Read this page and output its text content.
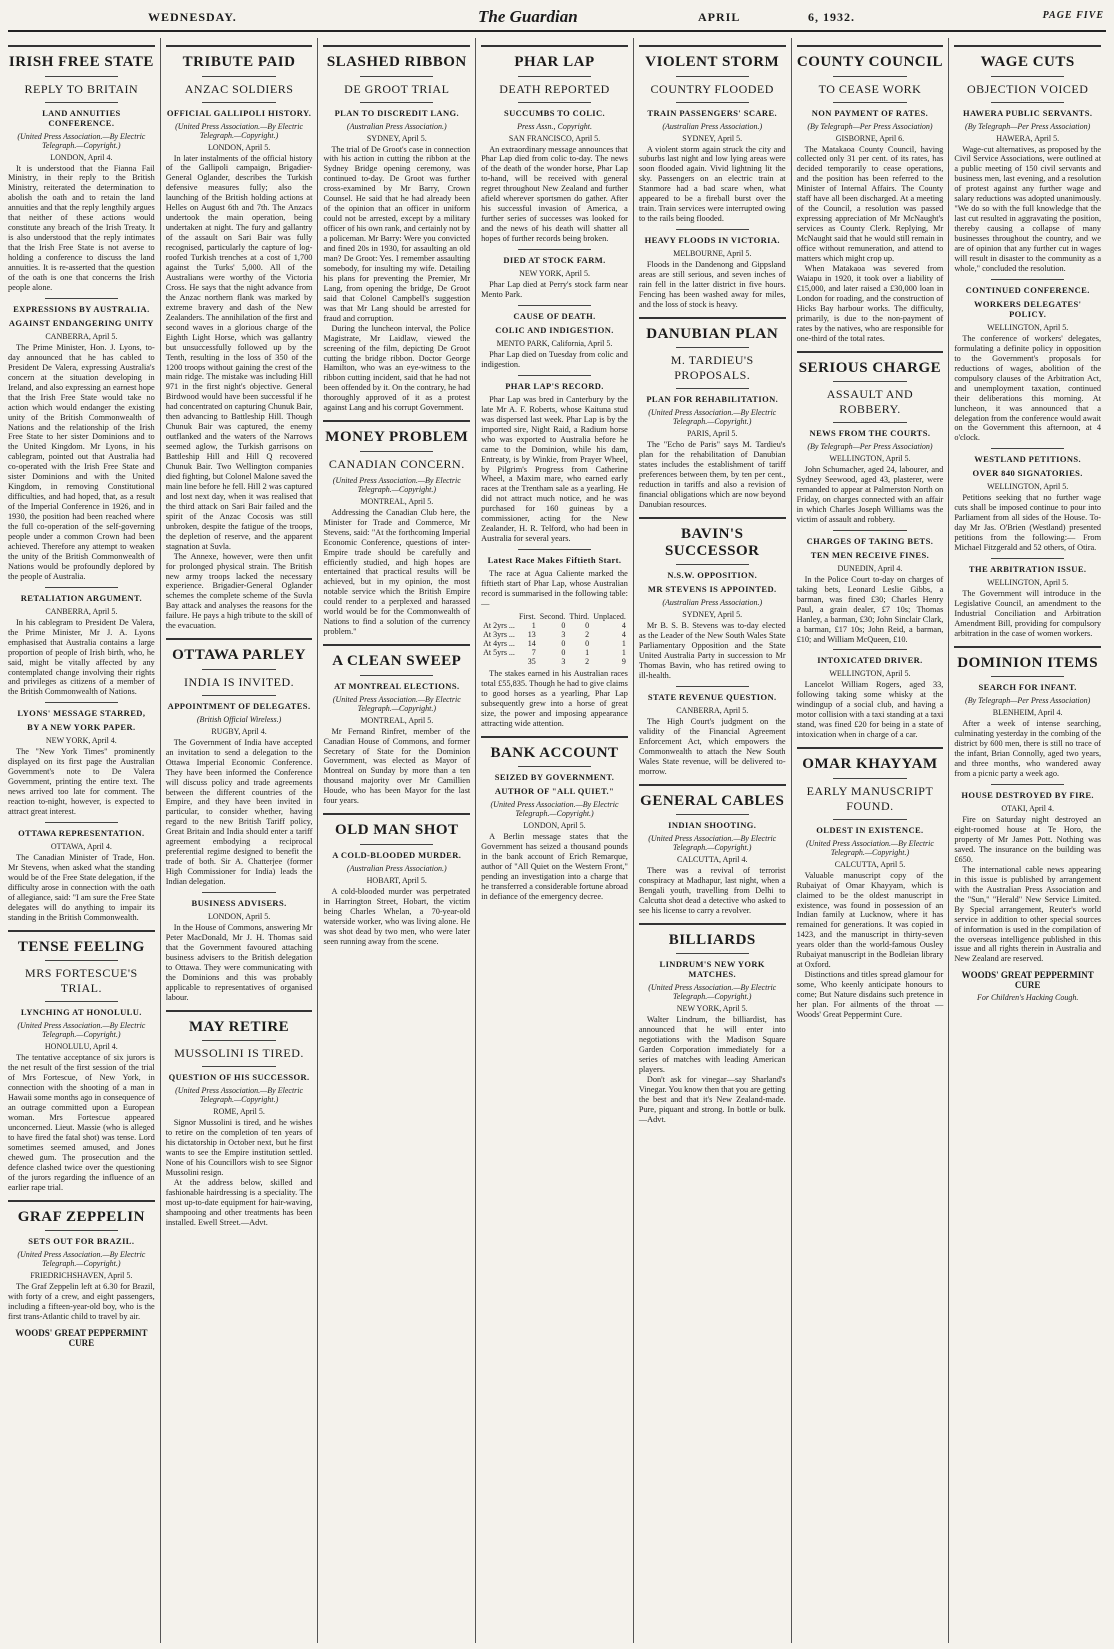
WEDNESDAY.	The Guardian	APRIL	6, 1932.	PAGE FIVE
IRISH FREE STATE
REPLY TO BRITAIN
LAND ANNUITIES CONFERENCE.
(United Press Association.—By Electric Telegraph.—Copyright.)
LONDON, April 4.

It is understood that the Fianna Fail Ministry, in their reply to the British Ministry, reiterated the determination to abolish the oath and to retain the land annuities and that the reply lengthily argues that neither of these actions would constitute any breach of the Irish Treaty. It is also understood that the reply intimates that the Irish Free State is not averse to holding a conference to discuss the land annuities. It is re-asserted that the question of the oath is one that concerns the Irish people alone.

EXPRESSIONS BY AUSTRALIA.
AGAINST ENDANGERING UNITY
CANBERRA, April 5.

The Prime Minister, Hon. J. Lyons, to-day announced that he has cabled to President De Valera, expressing Australia's concern at the situation developing in Ireland, and also expressing an earnest hope that the Irish Free State would take no action which would endanger the existing unity of the British Commonwealth of Nations and the relationship of the Irish Free State to her sister Dominions and to the United Kingdom. Mr Lyons, in his cablegram, pointed out that Australia had co-operated with the Irish Free State and sister Dominions and with the United Kingdom, in removing Constitutional difficulties, and had hoped, that, as a result of the Imperial Conference in 1926, and in 1930, the position had been reached where the full co-operation of the self-governing people under a common Crown had been achieved. Therefore any attempt to weaken the unity of the British Commonwealth of Nations would be profoundly deplored by the people of Australia.

RETALIATION ARGUMENT.
CANBERRA, April 5.

In his cablegram to President De Valera, the Prime Minister, Mr J. A. Lyons emphasised that Australia contains a large proportion of people of Irish birth, who, he said, might be vitally affected by any contemplated change involving their rights and privileges as citizens of a member of the British Commonwealth of Nations.

LYONS' MESSAGE STARRED,
BY A NEW YORK PAPER.
NEW YORK, April 4.

The "New York Times" prominently displayed on its first page the Australian Government's note to De Valera Government, printing the entire text. The news arrived too late for comment. The reaction to-night, however, is expected to attract great interest.

OTTAWA REPRESENTATION.
OTTAWA, April 4.

The Canadian Minister of Trade, Hon. Mr Stevens, when asked what the standing would be of the Free State delegation, if the difficulty arose in connection with the oath of allegiance, said: "I am sure the Free State delegates will do anything to impair its standing in the British Commonwealth.

TENSE FEELING
MRS FORTESCUE'S TRIAL.
LYNCHING AT HONOLULU.
(United Press Association.—By Electric Telegraph.—Copyright.)
HONOLULU, April 4.

The tentative acceptance of six jurors is the net result of the first session of the trial of Mrs Fortescue, of New York, in connection with the shooting of a man in Hawaii some months ago in consequence of an outrage committed upon a European woman. Mrs Fortescue appeared unconcerned. Lieut. Massie (who is alleged to have fired the fatal shot) was tense. Lord sometimes seemed amused, and Jones chewed gum. The prosecution and the defence clashed twice over the questioning of the jurors regarding the influence of an earlier rape trial.

GRAF ZEPPELIN
SETS OUT FOR BRAZIL.
(United Press Association.—By Electric Telegraph.—Copyright.)
FRIEDRICHSHAVEN, April 5.

The Graf Zeppelin left at 6.30 for Brazil, with forty of a crew, and eight passengers, including a fifteen-year-old boy, who is the first trans-Atlantic child to travel by air.

WOODS' GREAT PEPPERMINT CURE
TRIBUTE PAID
ANZAC SOLDIERS
OFFICIAL GALLIPOLI HISTORY.
(United Press Association.—By Electric Telegraph.—Copyright.)
LONDON, April 5.

In later instalments of the official history of the Gallipoli campaign, Brigadier-General Oglander, describes the Turkish defensive measures fully; also the launching of the British holding actions at Helles on August 6th and 7th. The Anzacs undertook the main operation, being undertaken at night. The fury and gallantry of the assault on Sari Bair was fully recognised, particularly the capture of log-roofed Turkish trenches at a cost of 1,700 against the Turks' 5,000. All of the Australians were worthy of the Victoria Cross. He says that the night advance from the Anzac northern flank was marked by extreme bravery and dash of the New Zealanders. The annihilation of the first and second waves in a glorious charge of the Eighth Light Horse, which was gallantry but unsuccessfully followed up by the Tenth, resulting in the loss of 350 of the 1200 troops without gaining the crest of the main ridge. The mistake was including Hill 971 in the first night's objective. General Birdwood would have been successful if he had concentrated on capturing Chunuk Bair, then advancing to Battleship Hill. Though Chunuk Bair was captured, the enemy outflanked and the waters of the Narrows seemed aglow, the Turkish garrisons on Battleship Hill and Hill Q recovered Chunuk Bair. Two Wellington companies died fighting, but Colonel Malone saved the main line before he fell. Hill 2 was captured and lost next day, when it was realised that the third attack on Sari Bair failed and the spirit of the Anzac Cocosis was still unbroken, despite the fatigue of the troops, the depletion of reserve, and the apparent stagnation at Suvla.

The Annexe, however, were then unfit for prolonged physical strain. The British new army troops lacked the necessary experience. Brigadier-General Oglander schemes the complete scheme of the Suvla Bay attack and analyses the reasons for the failure. He pays a high tribute to the skill of the evacuation.

OTTAWA PARLEY
INDIA IS INVITED.
APPOINTMENT OF DELEGATES.
(British Official Wireless.)
RUGBY, April 4.

The Government of India have accepted an invitation to send a delegation to the Ottawa Imperial Economic Conference. They have been informed the Conference will discuss policy and trade agreements between the different countries of the Empire, and they have been invited in particular, to consider whether, having regard to the new British Tariff policy, Great Britain and India should enter a tariff agreement embodying a reciprocal preferential regime designed to benefit the trade of both. Sir A. Chatterjee (former High Commissioner for India) leads the Indian delegation.

BUSINESS ADVISERS.
LONDON, April 5.

In the House of Commons, answering Mr Peter MacDonald, Mr J. H. Thomas said that the Government favoured attaching business advisers to the British delegation to Ottawa. They were communicating with the Dominions and this was probably applicable to representatives of organised labour.

MAY RETIRE
MUSSOLINI IS TIRED.
QUESTION OF HIS SUCCESSOR.
(United Press Association.—By Electric Telegraph.—Copyright.)
ROME, April 5.

Signor Mussolini is tired, and he wishes to retire on the completion of ten years of his dictatorship in October next, but he first wants to see the Empire institution settled. None of his Councillors wish to see Signor Mussolini resign.

At the address below, skilled and fashionable hairdressing is a speciality. The most up-to-date equipment for hair-waving, shampooing and other treatments has been installed. Ewell Street.—Advt.

SLASHED RIBBON
DE GROOT TRIAL
PLAN TO DISCREDIT LANG.
(Australian Press Association.)
SYDNEY, April 5.

The trial of De Groot's case in connection with his action in cutting the ribbon at the Sydney Bridge opening ceremony, was continued to-day. De Groot was further cross-examined by Mr Barry, Crown Counsel. He said that he had already been of the opinion that an officer in uniform could not be arrested, except by a military officer of his own rank, and certainly not by a policeman. Mr Barry: Were you convicted and fined 20s in 1930, for assaulting an old man? De Groot: Yes. I remember assaulting somebody, for insulting my wife. Detailing his plans for preventing the Premier, Mr Lang, from opening the bridge, De Groot said that Colonel Campbell's suggestion was that Mr Lang should be arrested for fraud and corruption.

During the luncheon interval, the Police Magistrate, Mr Laidlaw, viewed the screening of the film, depicting De Groot cutting the bridge ribbon. Doctor George Hamilton, who was an eye-witness to the ribbon cutting incident, said that he had not been offended by it. On the contrary, he had thoroughly approved of it as a protest against Lang and his corrupt Government.

MONEY PROBLEM
CANADIAN CONCERN.
(United Press Association.—By Electric Telegraph.—Copyright.)
MONTREAL, April 5.

Addressing the Canadian Club here, the Minister for Trade and Commerce, Mr Stevens, said: "At the forthcoming Imperial Economic Conference, questions of inter-Empire trade should be carefully and efficiently studied, and high hopes are entertained that practical results will be achieved, but in my opinion, the most notable service which the British Empire could render to a perplexed and harassed world would be for the Commonwealth of Nations to find a solution of the currency problem."

A CLEAN SWEEP
AT MONTREAL ELECTIONS.
(United Press Association.—By Electric Telegraph.—Copyright.)
MONTREAL, April 5.

Mr Fernand Rinfret, member of the Canadian House of Commons, and former Secretary of State for the Dominion Government, was elected as Mayor of Montreal on Sunday by more than a ten thousand majority over Mr Camillien Houde, who has been Mayor for the last four years.

OLD MAN SHOT
A COLD-BLOODED MURDER.
(Australian Press Association.)
HOBART, April 5.

A cold-blooded murder was perpetrated in Harrington Street, Hobart, the victim being Charles Whelan, a 70-year-old waterside worker, who was living alone. He was shot dead by two men, who were later seen running away from the scene.

PHAR LAP
DEATH REPORTED
SUCCUMBS TO COLIC.
Press Assn., Copyright.
SAN FRANCISCO, April 5.

An extraordinary message announces that Phar Lap died from colic to-day. The news of the death of the wonder horse, Phar Lap to-hand, will be received with general regret throughout New Zealand and further afield wherever sportsmen do gather. After his successful invasion of America, a further series of successes was looked for and the news of his death will shatter all hopes of further records being broken.

DIED AT STOCK FARM.
NEW YORK, April 5.

Phar Lap died at Perry's stock farm near Mento Park.

CAUSE OF DEATH.
COLIC AND INDIGESTION.
MENTO PARK, California, April 5.

Phar Lap died on Tuesday from colic and indigestion.

PHAR LAP'S RECORD.

Phar Lap was bred in Canterbury by the late Mr A. F. Roberts, whose Kaituna stud was dispersed last week. Phar Lap is by the imported sire, Night Raid, a Radium horse who was exported to Australia before he came to the Dominion, while his dam, Entreaty, is by Winkie, from Prayer Wheel, by Pilgrim's Progress from Catherine Wheel, a Maxim mare, who earned early races at the Trentham sale as a yearling. He did not attract much notice, and he was purchased for 160 guineas by a commissioner, acting for the New Zealander, H. R. Telford, who had been in Australia for several years.

Latest Race Makes Fiftieth Start.

The race at Agua Caliente marked the fiftieth start of Phar Lap, whose Australian record is summarised in the following table:—

	First.	Second.	Third.	Unplaced.
At 2yrs ...	1	0	0	4
At 3yrs ...	13	3	2	4
At 4yrs ...	14	0	0	1
At 5yrs ...	7	0	1	1
	35	3	2	9

The stakes earned in his Australian races total £55,835. Though he had to give claims to good horses as a yearling, Phar Lap subsequently grew into a horse of great size, the power and imposing appearance attracting wide attention.

BANK ACCOUNT
SEIZED BY GOVERNMENT.
AUTHOR OF "ALL QUIET."
(United Press Association.—By Electric Telegraph.—Copyright.)
LONDON, April 5.

A Berlin message states that the Government has seized a thousand pounds in the bank account of Erich Remarque, author of "All Quiet on the Western Front," pending an investigation into a charge that he transferred a considerable fortune abroad in defiance of the emergency decree.

VIOLENT STORM
COUNTRY FLOODED
TRAIN PASSENGERS' SCARE.
(Australian Press Association.)
SYDNEY, April 5.

A violent storm again struck the city and suburbs last night and low lying areas were soon flooded again. Vivid lightning lit the sky. Passengers on an electric train at Stanmore had a bad scare when, what appeared to be a fireball burst over the train. Train services were interrupted owing to the rails being flooded.

HEAVY FLOODS IN VICTORIA.
MELBOURNE, April 5.

Floods in the Dandenong and Gippsland areas are still serious, and seven inches of rain fell in the latter district in five hours. Fencing has been washed away for miles, and the loss of stock is heavy.

DANUBIAN PLAN
M. TARDIEU'S PROPOSALS.
PLAN FOR REHABILITATION.
(United Press Association.—By Electric Telegraph.—Copyright.)
PARIS, April 5.

The "Echo de Paris" says M. Tardieu's plan for the rehabilitation of Danubian states includes the establishment of tariff preferences between them, by ten per cent., reduction in tariffs and also a revision of financial obligations which are now beyond Danubian resources.

BAVIN'S SUCCESSOR
N.S.W. OPPOSITION.
MR STEVENS IS APPOINTED.
(Australian Press Association.)
SYDNEY, April 5.

Mr B. S. B. Stevens was to-day elected as the Leader of the New South Wales State Parliamentary Opposition and the State United Australia Party in succession to Mr Thomas Bavin, who has retired owing to ill-health.

STATE REVENUE QUESTION.
CANBERRA, April 5.

The High Court's judgment on the validity of the Financial Agreement Enforcement Act, which empowers the Commonwealth to attach the New South Wales State revenue, will be delivered to-morrow.

GENERAL CABLES
INDIAN SHOOTING.
(United Press Association.—By Electric Telegraph.—Copyright.)
CALCUTTA, April 4.

There was a revival of terrorist conspiracy at Madhapur, last night, when a Bengali youth, travelling from Delhi to Calcutta shot dead a detective who asked to see his license to carry a revolver.

BILLIARDS
LINDRUM'S NEW YORK MATCHES.
(United Press Association.—By Electric Telegraph.—Copyright.)
NEW YORK, April 5.

Walter Lindrum, the billiardist, has announced that he will enter into negotiations with the Madison Square Garden Corporation immediately for a series of matches with leading American players.

Don't ask for vinegar—say Sharland's Vinegar. You know then that you are getting the best and that it's New Zealand-made. Pure, piquant and strong. In bottle or bulk.—Advt.

COUNTY COUNCIL
TO CEASE WORK
NON PAYMENT OF RATES.
(By Telegraph—Per Press Association)
GISBORNE, April 6.

The Matakaoa County Council, having collected only 31 per cent. of its rates, has decided temporarily to cease operations, and the position has been referred to the Minister of Internal Affairs. The County staff have all been discharged. At a meeting of the Council, a resolution was passed expressing appreciation of Mr McNaught's services as County Clerk. Replying, Mr McNaught said that he would still remain in office without remuneration, and attend to matters which might crop up.

When Matakaoa was severed from Waiapu in 1920, it took over a liability of £15,000, and later raised a £30,000 loan in London for roading, and the construction of Hicks Bay harbour works. The difficulty, primarily, is due to the non-payment of rates by the natives, who are responsible for one-third of the total rates.

SERIOUS CHARGE
ASSAULT AND ROBBERY.
NEWS FROM THE COURTS.
(By Telegraph—Per Press Association)
WELLINGTON, April 5.

John Schumacher, aged 24, labourer, and Sydney Seewood, aged 43, plasterer, were remanded to appear at Palmerston North on Friday, on charges connected with an affair in which Charles Joseph Williams was the victim of assault and robbery.

CHARGES OF TAKING BETS.
TEN MEN RECEIVE FINES.
DUNEDIN, April 4.

In the Police Court to-day on charges of taking bets, Leonard Leslie Gibbs, a barman, was fined £30; Charles Henry Paul, a grain dealer, £7 10s; Thomas Hanley, a barman, £30; John Sinclair Clark, a barman, £17 10s; John Reid, a barman, £10; and William McQueen, £10.

INTOXICATED DRIVER.
WELLINGTON, April 5.

Lancelot William Rogers, aged 33, following taking some whisky at the windingup of a social club, and having a motor collision with a taxi standing at a taxi stand, was fined £20 for being in a state of intoxication when in charge of a car.

OMAR KHAYYAM
EARLY MANUSCRIPT FOUND.
OLDEST IN EXISTENCE.
(United Press Association.—By Electric Telegraph.—Copyright.)
CALCUTTA, April 5.

Valuable manuscript copy of the Rubaiyat of Omar Khayyam, which is claimed to be the oldest manuscript in existence, was found in possession of an Indian family at Lucknow, where it has remained for generations. It was copied in 1423, and the manuscript in thirty-seven years older than the world-famous Ousley Rubaiyat manuscript in the Bodleian library at Oxford.

Distinctions and titles spread glamour for some, Who keenly anticipate honours to come; But Nature disdains such pretence in her plan. For ailments of the throat — Woods' Great Peppermint Cure.

WAGE CUTS
OBJECTION VOICED
HAWERA PUBLIC SERVANTS.
(By Telegraph—Per Press Association)
HAWERA, April 5.

Wage-cut alternatives, as proposed by the Civil Service Associations, were outlined at a public meeting of 150 civil servants and business men, last evening, and a resolution of protest against any further wage and salary reductions was adopted unanimously. "We do so with the full knowledge that the last cut resulted in aggravating the position, thereby causing a collapse of many businesses throughout the country, and we are of opinion that any further cut in wages will result in disaster to the community as a whole," concluded the resolution.

CONTINUED CONFERENCE.
WORKERS DELEGATES' POLICY.
WELLINGTON, April 5.

The conference of workers' delegates, formulating a definite policy in opposition to the Government's proposals for reductions of wages, abolition of the compulsory clauses of the Arbitration Act, and unemployment taxation, continued their deliberations this morning. At luncheon, it was announced that a delegation from the conference would await on the Government this afternoon, at 4 o'clock.

WESTLAND PETITIONS.
OVER 840 SIGNATORIES.
WELLINGTON, April 5.

Petitions seeking that no further wage cuts shall be imposed continue to pour into Parliament from all sides of the House. To-day Mr Jas. O'Brien (Westland) presented petitions from the following:— From Michael Fitzgerald and 52 others, of Otira.

THE ARBITRATION ISSUE.
WELLINGTON, April 5.

The Government will introduce in the Legislative Council, an amendment to the Industrial Conciliation and Arbitration Amendment Bill, providing for compulsory arbitration in the case of women workers.

DOMINION ITEMS
SEARCH FOR INFANT.
(By Telegraph—Per Press Association)
BLENHEIM, April 4.

After a week of intense searching, culminating yesterday in the combing of the district by 600 men, there is still no trace of the infant, Brian Connolly, aged two years, and three months, who wandered away from a picnic party a week ago.

HOUSE DESTROYED BY FIRE.
OTAKI, April 4.

Fire on Saturday night destroyed an eight-roomed house at Te Horo, the property of Mr James Pott. Nothing was saved. The insurance on the building was £650.

The international cable news appearing in this issue is published by arrangement with the Australian Press Association and the "Sun," "Herald" New Service Limited. By Special arrangement, Reuter's world service in addition to other special sources of information is used in the compilation of the overseas intelligence published in this issue and all rights therein in Australia and New Zealand are reserved.

WOODS' GREAT PEPPERMINT CURE
For Children's Hacking Cough.
